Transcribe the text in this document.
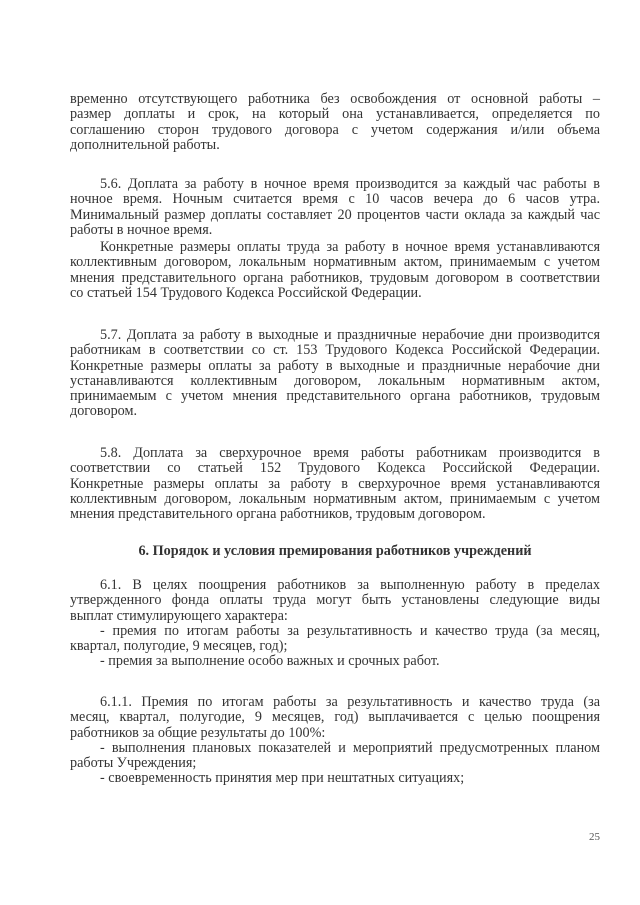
временно отсутствующего работника без освобождения от основной работы –
размер доплаты и срок, на который она устанавливается, определяется по
соглашению сторон трудового договора с учетом содержания и/или объема
дополнительной работы.
5.6. Доплата за работу в ночное время производится за каждый час работы в
ночное время. Ночным считается время с 10 часов вечера до 6 часов утра.
Минимальный размер доплаты составляет 20 процентов части оклада за каждый час
работы в ночное время.
Конкретные размеры оплаты труда за работу в ночное время устанавливаются
коллективным договором, локальным нормативным актом, принимаемым с учетом
мнения представительного органа работников, трудовым договором в соответствии
со статьей 154 Трудового Кодекса Российской Федерации.
5.7. Доплата за работу в выходные и праздничные нерабочие дни производится
работникам в соответствии со ст. 153 Трудового Кодекса Российской Федерации.
Конкретные размеры оплаты за работу в выходные и праздничные нерабочие дни
устанавливаются коллективным договором, локальным нормативным актом,
принимаемым с учетом мнения представительного органа работников, трудовым
договором.
5.8. Доплата за сверхурочное время работы работникам производится в
соответствии со статьей 152 Трудового Кодекса Российской Федерации.
Конкретные размеры оплаты за работу в сверхурочное время устанавливаются
коллективным договором, локальным нормативным актом, принимаемым с учетом
мнения представительного органа работников, трудовым договором.
6. Порядок и условия премирования работников учреждений
6.1. В целях поощрения работников за выполненную работу в пределах
утвержденного фонда оплаты труда могут быть установлены следующие виды
выплат стимулирующего характера:
- премия по итогам работы за результативность и качество труда (за месяц,
квартал, полугодие, 9 месяцев, год);
- премия за выполнение особо важных и срочных работ.
6.1.1. Премия по итогам работы за результативность и качество труда (за
месяц, квартал, полугодие, 9 месяцев, год) выплачивается с целью поощрения
работников за общие результаты до 100%:
- выполнения плановых показателей и мероприятий предусмотренных планом
работы Учреждения;
- своевременность принятия мер при нештатных ситуациях;
25
